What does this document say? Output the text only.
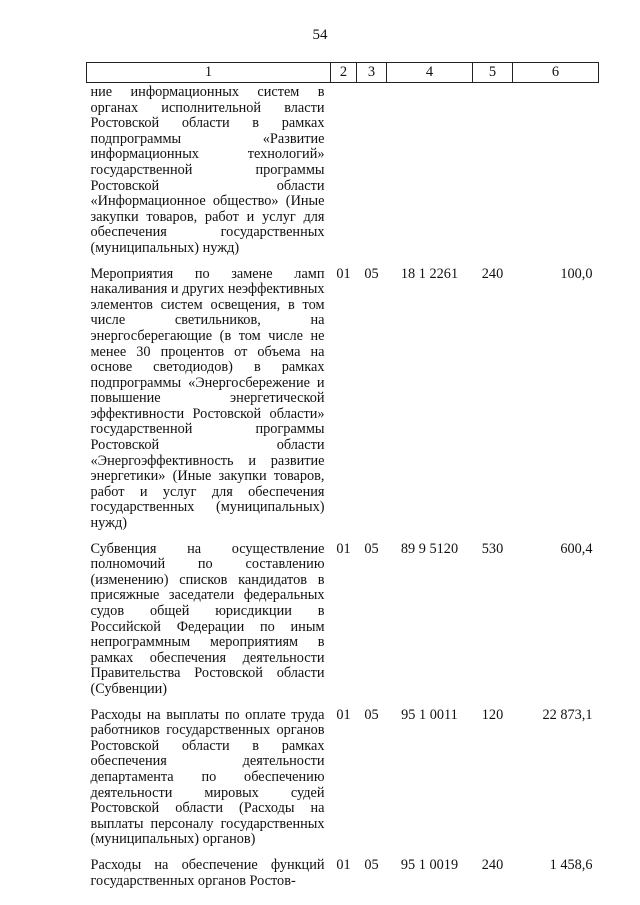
54
1	2	3	4	5	6
ние информационных систем в органах исполнительной власти Ростовской области в рамках подпрограммы «Развитие информационных технологий» государственной программы Ростовской области «Информационное общество» (Иные закупки товаров, работ и услуг для обеспечения государственных (муниципальных) нужд)					
Мероприятия по замене ламп накаливания и других неэффективных элементов систем освещения, в том числе светильников, на энергосберегающие (в том числе не менее 30 процентов от объема на основе светодиодов) в рамках подпрограммы «Энергосбережение и повышение энергетической эффективности Ростовской области» государственной программы Ростовской области «Энергоэффективность и развитие энергетики» (Иные закупки товаров, работ и услуг для обеспечения государственных (муниципальных) нужд)	01	05	18 1 2261	240	100,0
Субвенция на осуществление полномочий по составлению (изменению) списков кандидатов в присяжные заседатели федеральных судов общей юрисдикции в Российской Федерации по иным непрограммным мероприятиям в рамках обеспечения деятельности Правительства Ростовской области (Субвенции)	01	05	89 9 5120	530	600,4
Расходы на выплаты по оплате труда работников государственных органов Ростовской области в рамках обеспечения деятельности департамента по обеспечению деятельности мировых судей Ростовской области (Расходы на выплаты персоналу государственных (муниципальных) органов)	01	05	95 1 0011	120	22 873,1
Расходы на обеспечение функций государственных органов Ростов-	01	05	95 1 0019	240	1 458,6
